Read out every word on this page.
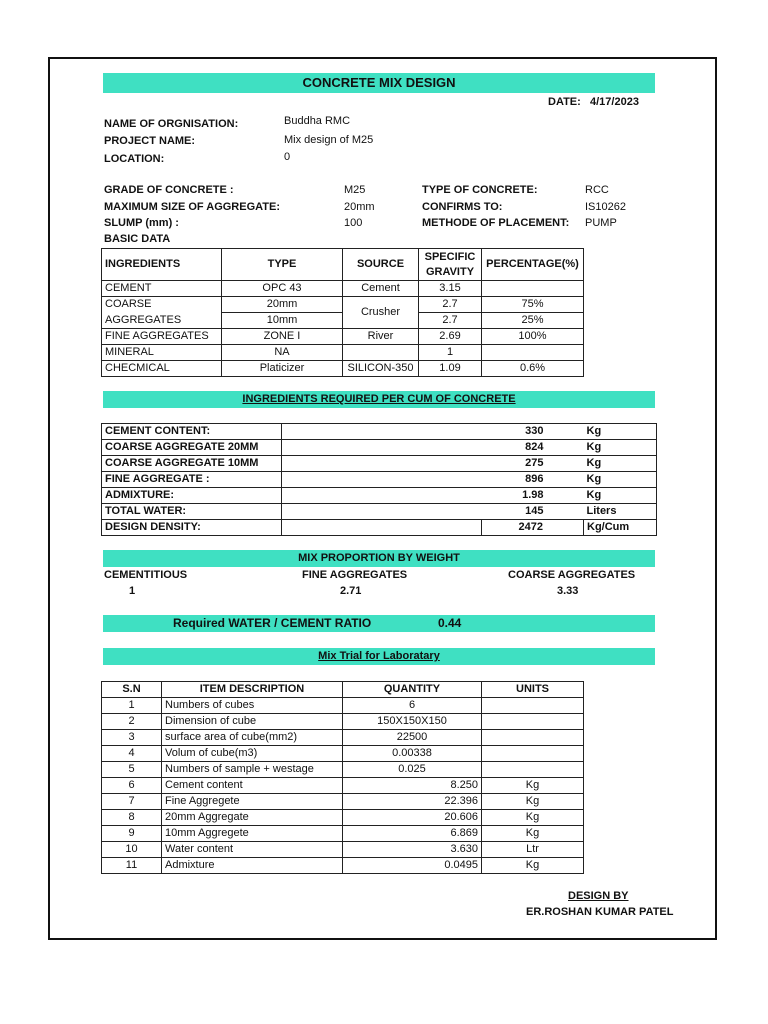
CONCRETE MIX DESIGN
DATE: 4/17/2023
NAME OF ORGNISATION:	Buddha RMC
PROJECT NAME:	Mix design of M25
LOCATION:	0
GRADE OF CONCRETE :	M25	TYPE OF CONCRETE:	RCC
MAXIMUM SIZE OF AGGREGATE:	20mm	CONFIRMS TO:	IS10262
SLUMP (mm) :	100	METHODE OF PLACEMENT: PUMP
BASIC DATA
INGREDIENTS	TYPE	SOURCE	SPECIFIC GRAVITY	PERCENTAGE(%)
CEMENT	OPC 43	Cement	3.15	
COARSE	20mm	Crusher	2.7	75%
AGGREGATES	10mm		2.7	25%
FINE AGGREGATES	ZONE I	River	2.69	100%
MINERAL	NA		1	
CHECMICAL	Platicizer	SILICON-350	1.09	0.6%
INGREDIENTS REQUIRED PER CUM OF CONCRETE
CEMENT CONTENT:		330	Kg
COARSE AGGREGATE 20MM		824	Kg
COARSE AGGREGATE 10MM		275	Kg
FINE AGGREGATE :		896	Kg
ADMIXTURE:		1.98	Kg
TOTAL WATER:		145	Liters
DESIGN DENSITY:		2472	Kg/Cum
MIX PROPORTION BY WEIGHT
CEMENTITIOUS	FINE AGGREGATES	COARSE AGGREGATES
1	2.71	3.33
Required WATER / CEMENT RATIO	0.44
Mix Trial for Laboratary
S.N	ITEM DESCRIPTION	QUANTITY	UNITS
1	Numbers of cubes	6	
2	Dimension of cube	150X150X150	
3	surface area of cube(mm2)	22500	
4	Volum of cube(m3)	0.00338	
5	Numbers of sample + westage	0.025	
6	Cement content	8.250	Kg
7	Fine Aggregete	22.396	Kg
8	20mm Aggregate	20.606	Kg
9	10mm Aggregete	6.869	Kg
10	Water content	3.630	Ltr
11	Admixture	0.0495	Kg
DESIGN BY
ER.ROSHAN KUMAR PATEL
